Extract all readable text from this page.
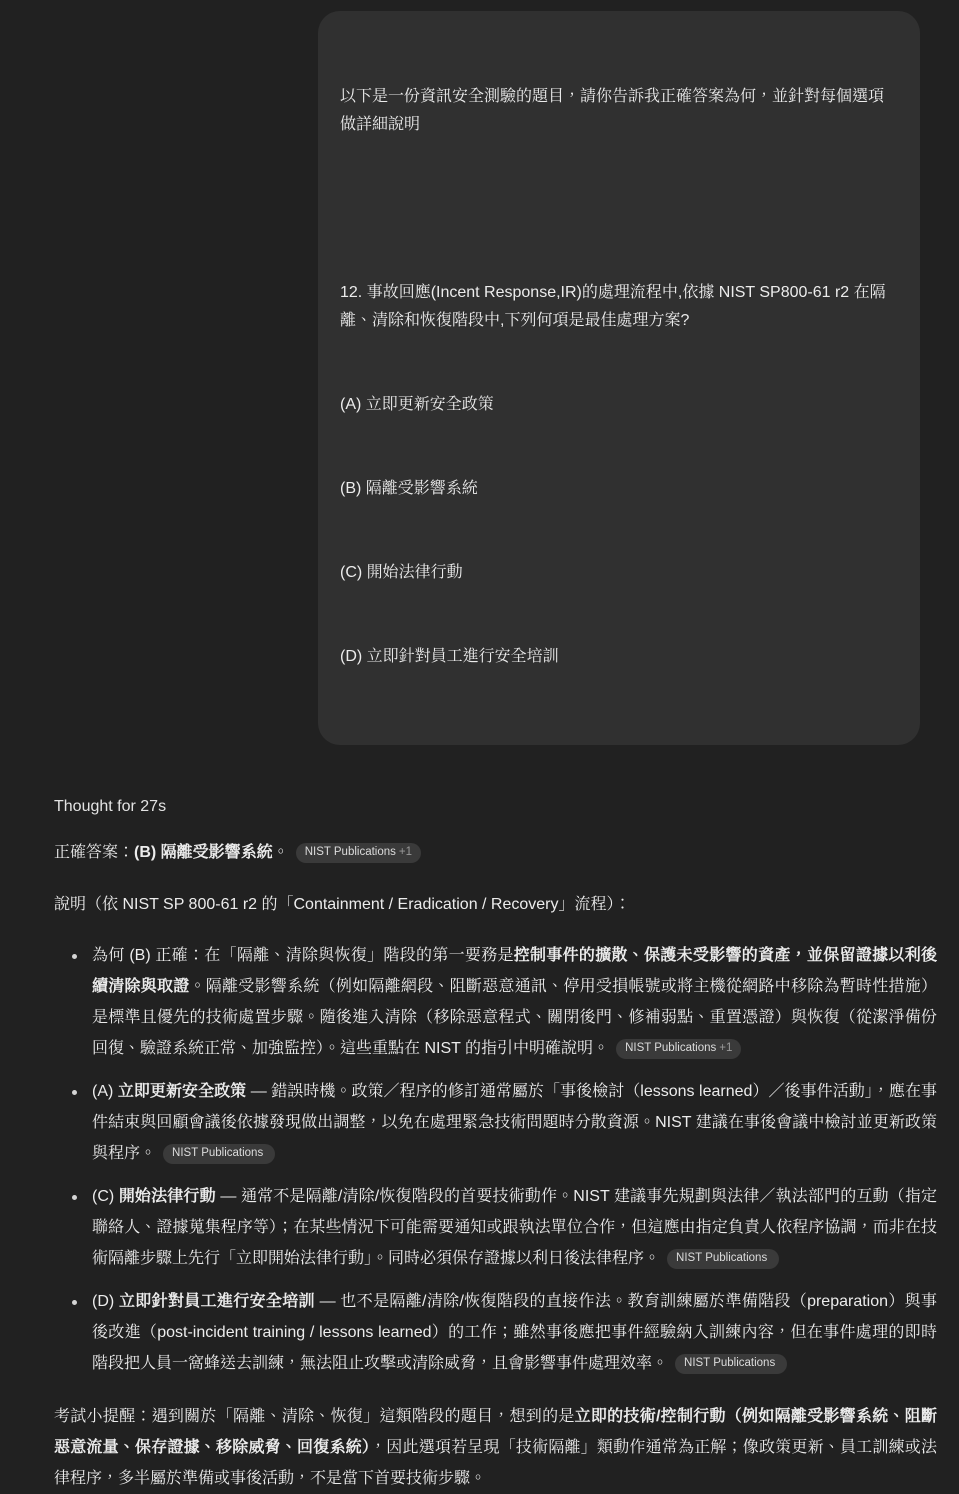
以下是一份資訊安全測驗的題目，請你告訴我正確答案為何，並針對每個選項做詳細說明

12. 事故回應(Incent Response,IR)的處理流程中,依據 NIST SP800-61 r2 在隔離、清除和恢復階段中,下列何項是最佳處理方案?

(A) 立即更新安全政策

(B) 隔離受影響系統

(C) 開始法律行動

(D) 立即針對員工進行安全培訓

Thought for 27s
正確答案：(B) 隔離受影響系統。 NIST Publications +1
說明（依 NIST SP 800-61 r2 的「Containment / Eradication / Recovery」流程）：
為何 (B) 正確：在「隔離、清除與恢復」階段的第一要務是控制事件的擴散、保護未受影響的資產，並保留證據以利後續清除與取證。隔離受影響系統（例如隔離網段、阻斷惡意通訊、停用受損帳號或將主機從網路中移除為暫時性措施）是標準且優先的技術處置步驟。隨後進入清除（移除惡意程式、關閉後門、修補弱點、重置憑證）與恢復（從潔淨備份回復、驗證系統正常、加強監控）。這些重點在 NIST 的指引中明確說明。 NIST Publications +1
(A) 立即更新安全政策 — 錯誤時機。政策／程序的修訂通常屬於「事後檢討（lessons learned）／後事件活動」，應在事件結束與回顧會議後依據發現做出調整，以免在處理緊急技術問題時分散資源。NIST 建議在事後會議中檢討並更新政策與程序。 NIST Publications
(C) 開始法律行動 — 通常不是隔離/清除/恢復階段的首要技術動作。NIST 建議事先規劃與法律／執法部門的互動（指定聯絡人、證據蒐集程序等）；在某些情況下可能需要通知或跟執法單位合作，但這應由指定負責人依程序協調，而非在技術隔離步驟上先行「立即開始法律行動」。同時必須保存證據以利日後法律程序。 NIST Publications
(D) 立即針對員工進行安全培訓 — 也不是隔離/清除/恢復階段的直接作法。教育訓練屬於準備階段（preparation）與事後改進（post-incident training / lessons learned）的工作；雖然事後應把事件經驗納入訓練內容，但在事件處理的即時階段把人員一窩蜂送去訓練，無法阻止攻擊或清除威脅，且會影響事件處理效率。 NIST Publications
考試小提醒：遇到關於「隔離、清除、恢復」這類階段的題目，想到的是立即的技術/控制行動（例如隔離受影響系統、阻斷惡意流量、保存證據、移除威脅、回復系統），因此選項若呈現「技術隔離」類動作通常為正解；像政策更新、員工訓練或法律程序，多半屬於準備或事後活動，不是當下首要技術步驟。
